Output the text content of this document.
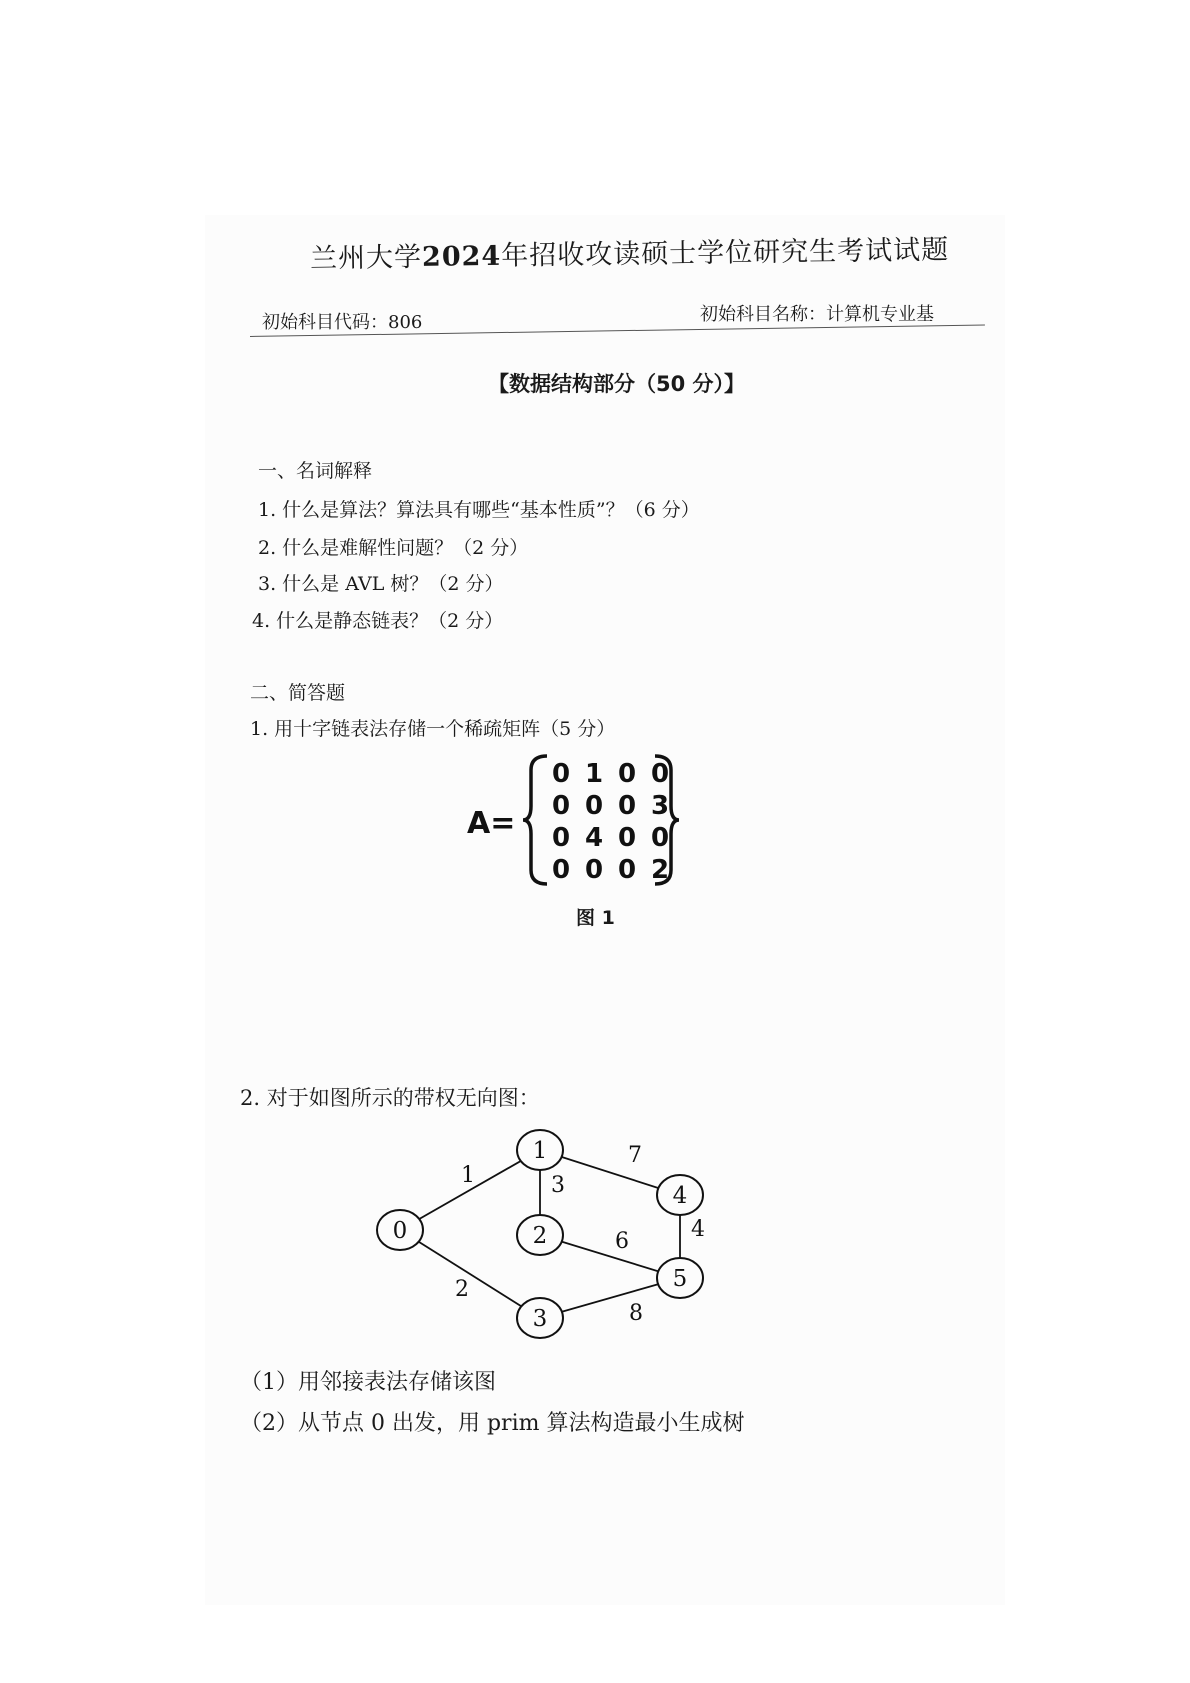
兰州大学2024年招收攻读硕士学位研究生考试试题
初始科目代码：806	初始科目名称：计算机专业基
【数据结构部分（50 分）】
一、名词解释
1. 什么是算法？算法具有哪些“基本性质”？（6 分）
2. 什么是难解性问题？（2 分）
3. 什么是 AVL 树？（2 分）
4. 什么是静态链表？（2 分）
二、简答题
1. 用十字链表法存储一个稀疏矩阵（5 分）
A=
0 1 0 0
0 0 0 3
0 4 0 0
0 0 0 2
图 1
2. 对于如图所示的带权无向图：
1
2
3
7
6	4
8
0
1
2
3
4
5
（1）用邻接表法存储该图
（2）从节点 0 出发，用 prim 算法构造最小生成树
